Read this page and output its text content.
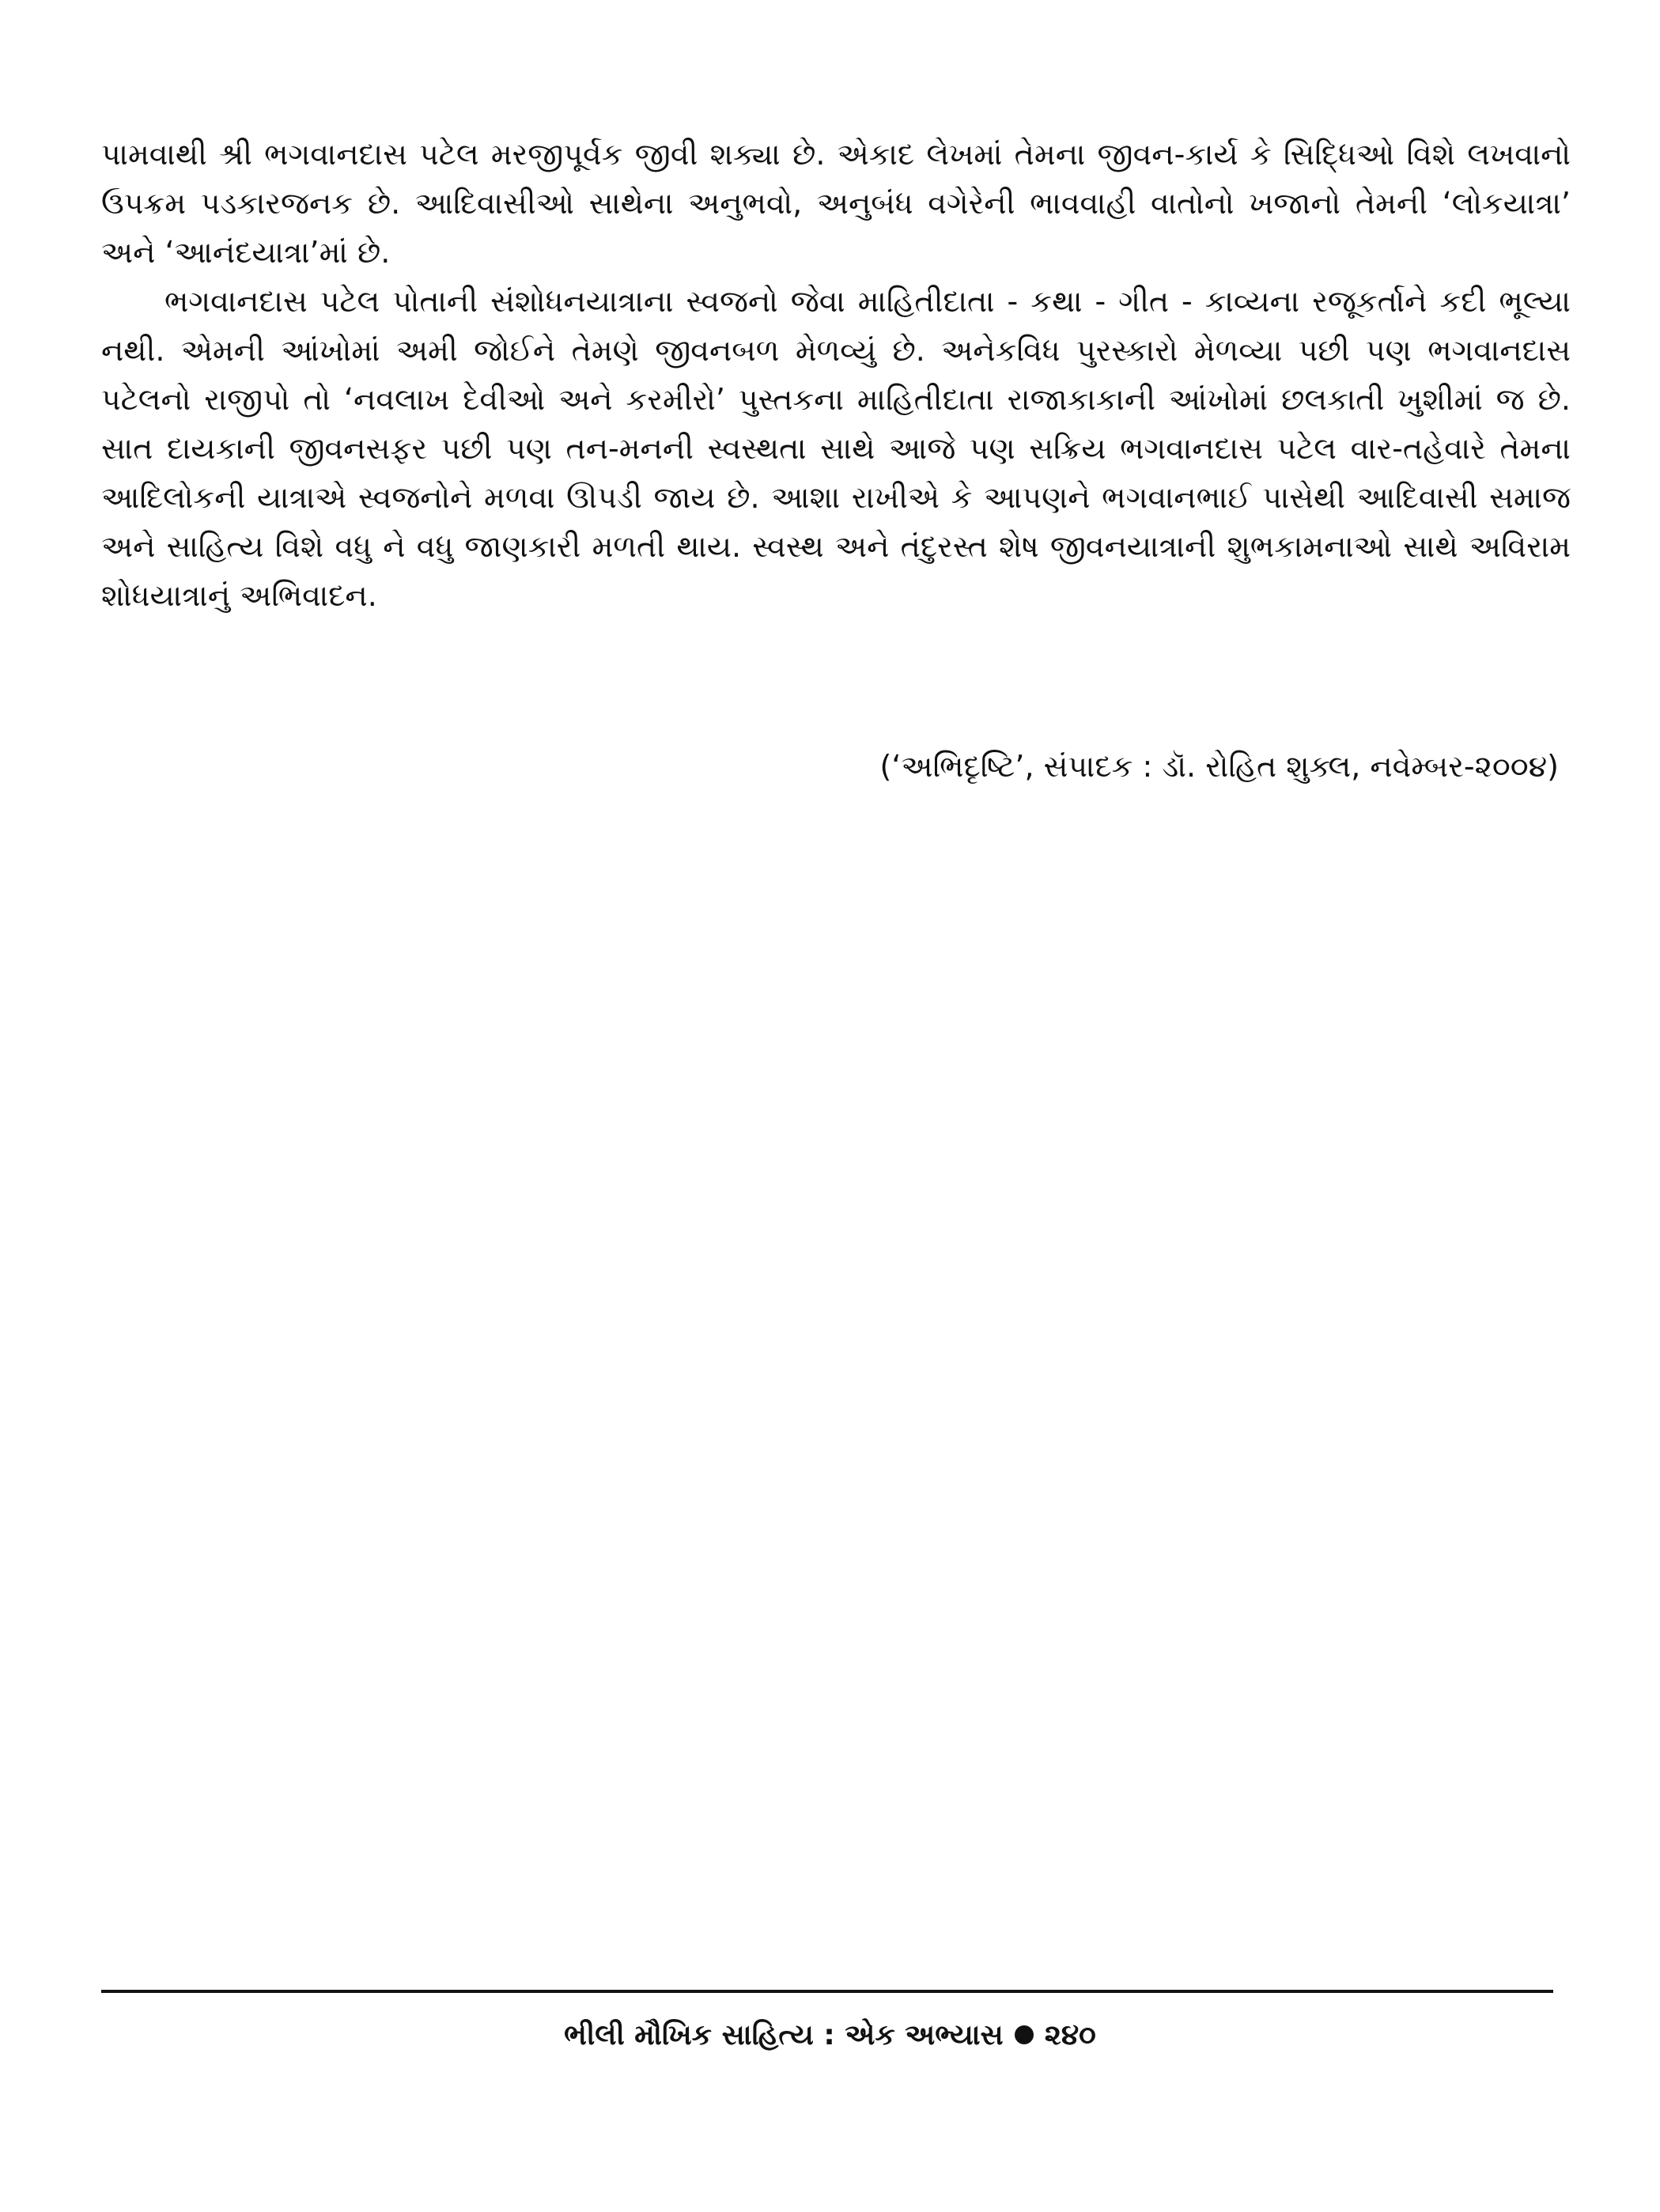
પામવાથી શ્રી ભગવાનદાસ પટેલ મરજીપૂર્વક જીવી શક્યા છે. એકાદ લેખમાં તેમના જીવન-કાર્ય કે સિદ્ધિઓ વિશે લખવાનો ઉપક્રમ પડકારજનક છે. આદિવાસીઓ સાથેના અનુભવો, અનુબંધ વગેરેની ભાવવાહી વાતોનો ખજાનો તેમની ‘લોકયાત્રા’ અને ‘આનંદયાત્રા’માં છે.

ભગવાનદાસ પટેલ પોતાની સંશોધનયાત્રાના સ્વજનો જેવા માહિતીદાતા - કથા - ગીત - કાવ્યના રજૂકર્તાને કદી ભૂલ્યા નથી. એમની આંખોમાં અમી જોઈને તેમણે જીવનબળ મેળવ્યું છે. અનેકવિધ પુરસ્કારો મેળવ્યા પછી પણ ભગવાનદાસ પટેલનો રાજીપો તો ‘નવલાખ દેવીઓ અને કરમીરો’ પુસ્તકના માહિતીદાતા રાજાકાકાની આંખોમાં છલકાતી ખુશીમાં જ છે. સાત દાયકાની જીવનસફર પછી પણ તન-મનની સ્વસ્થતા સાથે આજે પણ સક્રિય ભગવાનદાસ પટેલ વાર-તહેવારે તેમના આદિલોકની યાત્રાએ સ્વજનોને મળવા ઊપડી જાય છે. આશા રાખીએ કે આપણને ભગવાનભાઈ પાસેથી આદિવાસી સમાજ અને સાહિત્ય વિશે વધુ ને વધુ જાણકારી મળતી થાય. સ્વસ્થ અને તંદુરસ્ત શેષ જીવનયાત્રાની શુભકામનાઓ સાથે અવિરામ શોધયાત્રાનું અભિવાદન.

(‘અભિદૃષ્ટિ’, સંપાદક : ડૉ. રોહિત શુક્લ, નવેમ્બર-૨૦૦૪)
ભીલી મૌખિક સાહિત્ય : એક અભ્યાસ ૨૪૦
